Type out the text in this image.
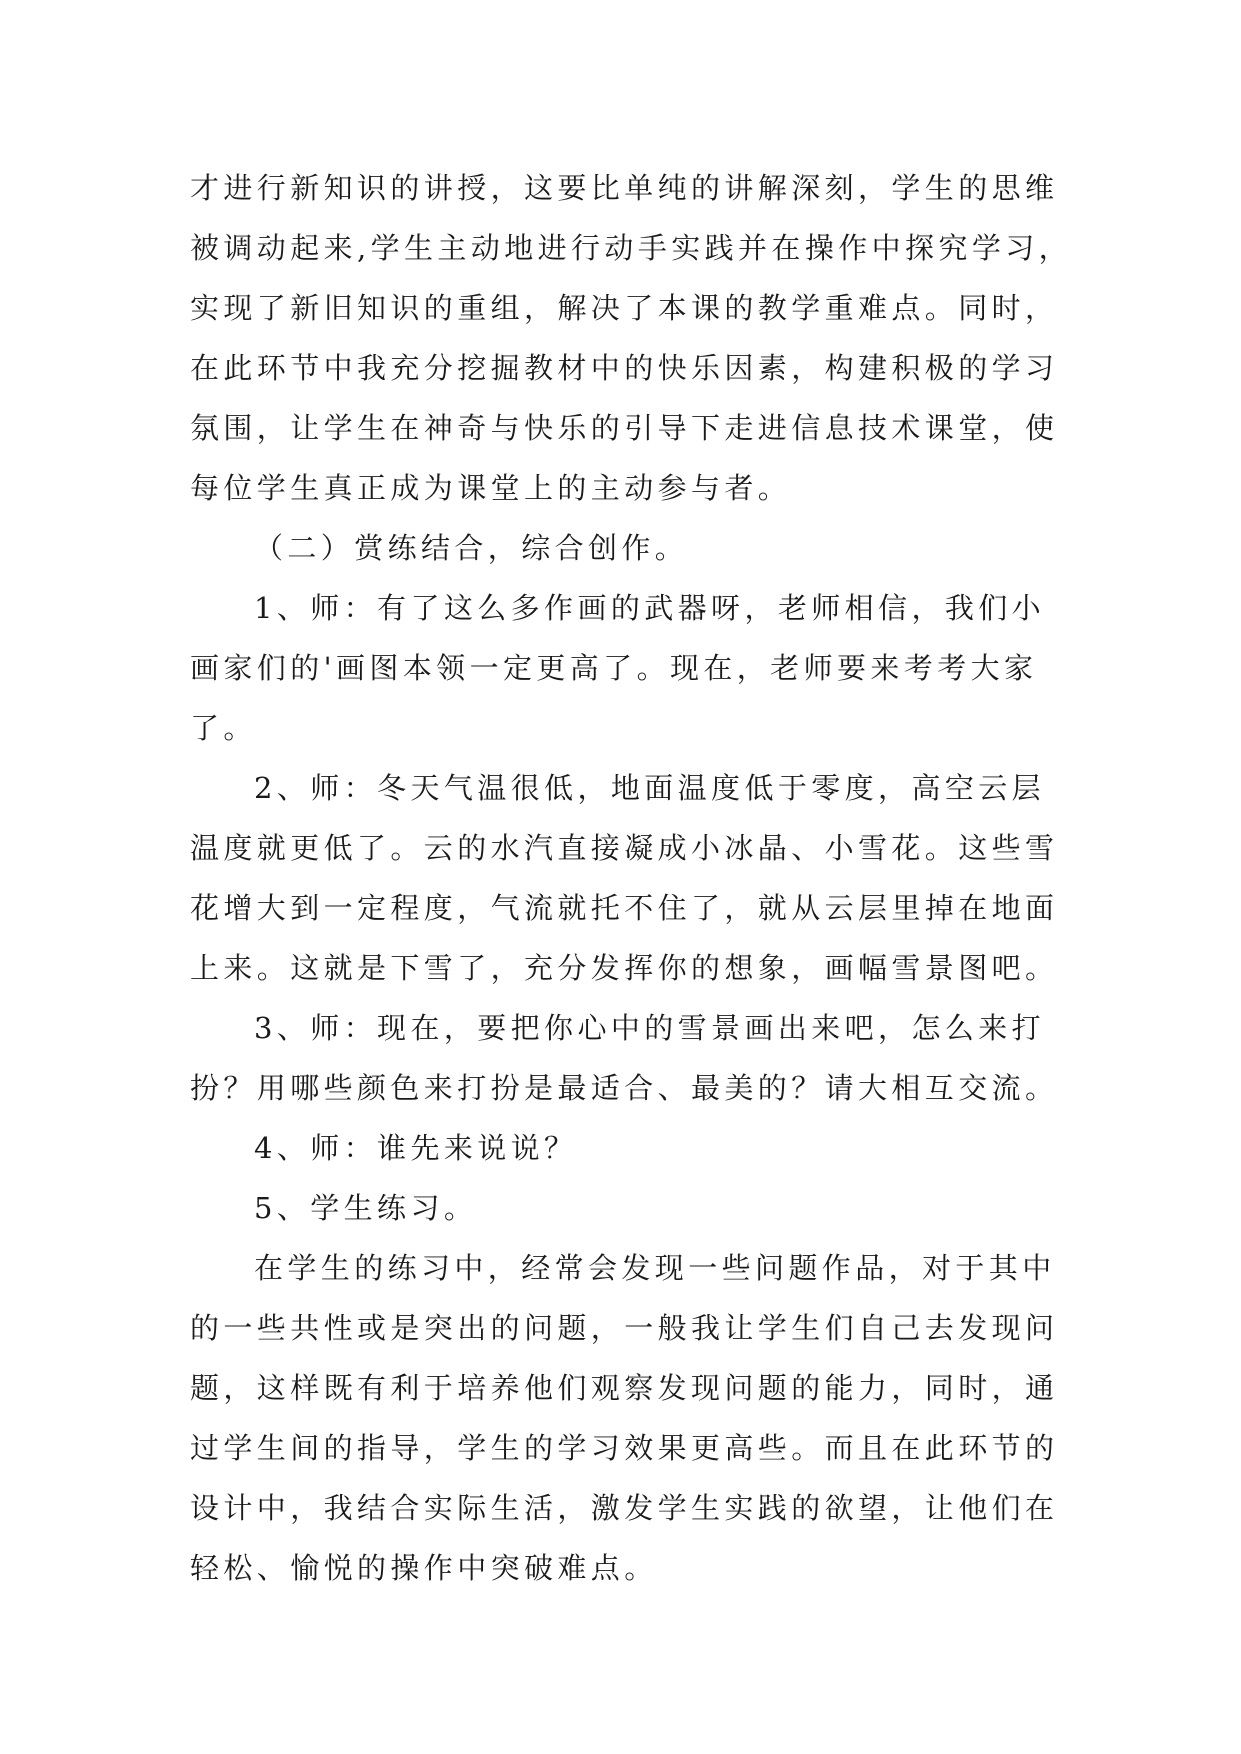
才进行新知识的讲授，这要比单纯的讲解深刻，学生的思维
被调动起来,学生主动地进行动手实践并在操作中探究学习，
实现了新旧知识的重组，解决了本课的教学重难点。同时，
在此环节中我充分挖掘教材中的快乐因素，构建积极的学习
氛围，让学生在神奇与快乐的引导下走进信息技术课堂，使
每位学生真正成为课堂上的主动参与者。
（二）赏练结合，综合创作。
1、师：有了这么多作画的武器呀，老师相信，我们小
画家们的'画图本领一定更高了。现在，老师要来考考大家
了。
2、师：冬天气温很低，地面温度低于零度，高空云层
温度就更低了。云的水汽直接凝成小冰晶、小雪花。这些雪
花增大到一定程度，气流就托不住了，就从云层里掉在地面
上来。这就是下雪了，充分发挥你的想象，画幅雪景图吧。
3、师：现在，要把你心中的雪景画出来吧，怎么来打
扮？用哪些颜色来打扮是最适合、最美的？请大相互交流。
4、师：谁先来说说？
5、学生练习。
在学生的练习中，经常会发现一些问题作品，对于其中
的一些共性或是突出的问题，一般我让学生们自己去发现问
题，这样既有利于培养他们观察发现问题的能力，同时，通
过学生间的指导，学生的学习效果更高些。而且在此环节的
设计中，我结合实际生活，激发学生实践的欲望，让他们在
轻松、愉悦的操作中突破难点。
